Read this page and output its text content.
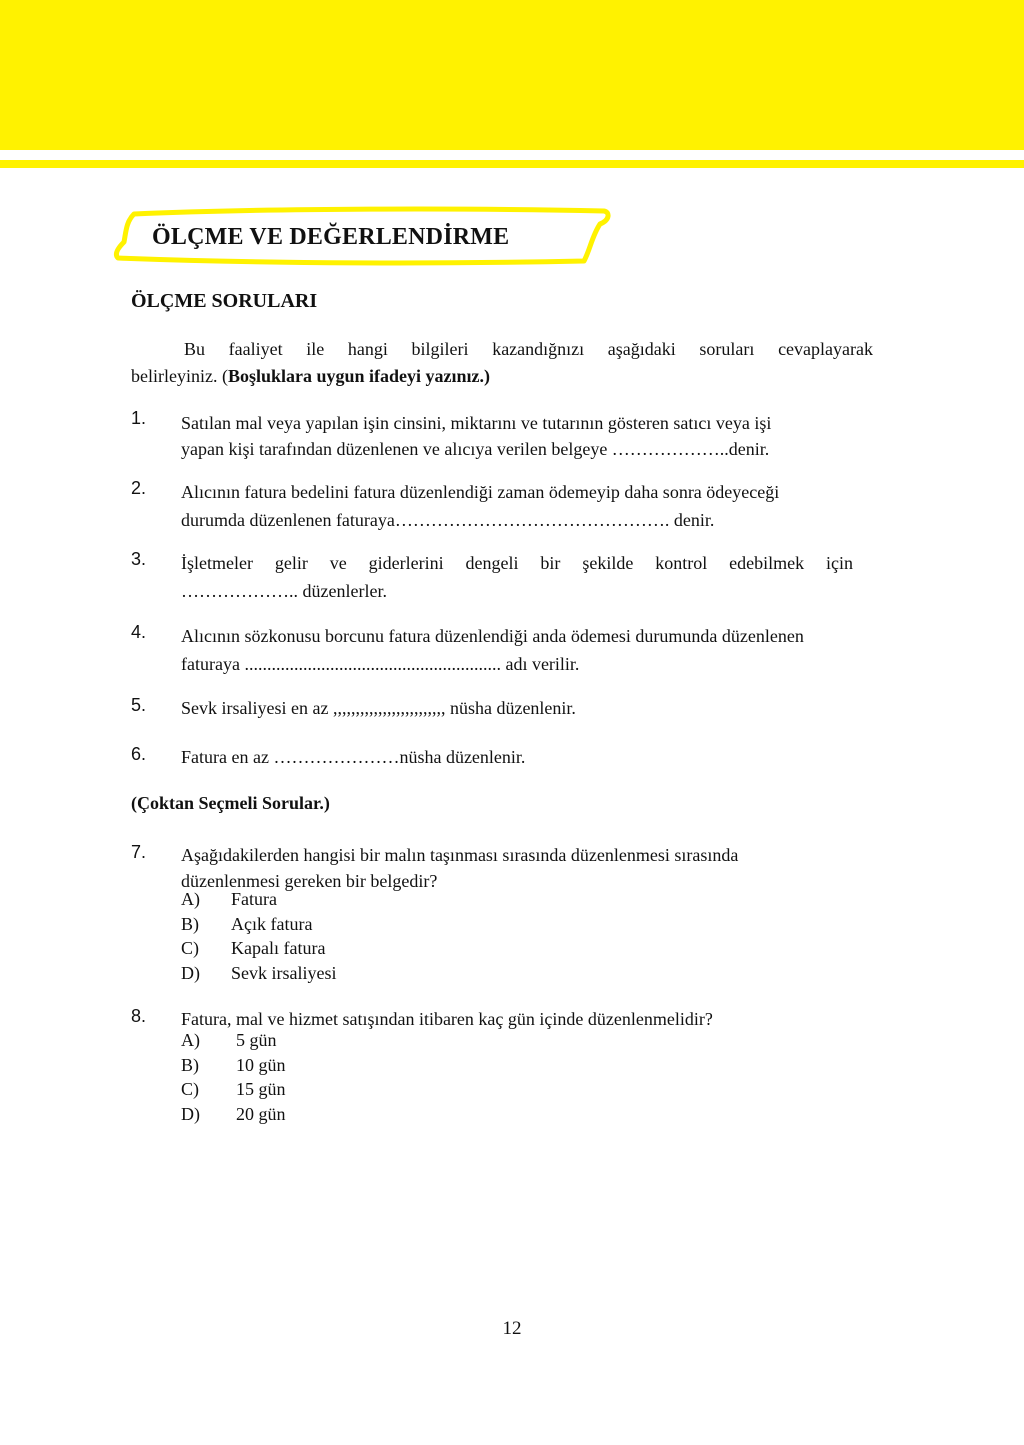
ÖLÇME VE DEĞERLENDİRME
ÖLÇME SORULARI
Bu faaliyet ile hangi bilgileri kazandığnızı aşağıdaki soruları cevaplayarak
belirleyiniz. (Boşluklara uygun ifadeyi yazınız.)
1. Satılan mal veya yapılan işin cinsini, miktarını ve tutarının gösteren satıcı veya işi
yapan kişi tarafından düzenlenen ve alıcıya verilen belgeye ………………..denir.
2. Alıcının fatura bedelini fatura düzenlendiği zaman ödemeyip daha sonra ödeyeceği
durumda düzenlenen faturaya………………………………………. denir.
3. İşletmeler gelir ve giderlerini dengeli bir şekilde kontrol edebilmek için
……………….. düzenlerler.
4. Alıcının sözkonusu borcunu fatura düzenlendiği anda ödemesi durumunda düzenlenen
faturaya ......................................................... adı verilir.
5. Sevk irsaliyesi en az ,,,,,,,,,,,,,,,,,,,,,,,,, nüsha düzenlenir.
6. Fatura en az …………………nüsha düzenlenir.
(Çoktan Seçmeli Sorular.)
7. Aşağıdakilerden hangisi bir malın taşınması sırasında düzenlenmesi sırasında
düzenlenmesi gereken bir belgedir?
A) Fatura
B) Açık fatura
C) Kapalı fatura
D) Sevk irsaliyesi
8. Fatura, mal ve hizmet satışından itibaren kaç gün içinde düzenlenmelidir?
A) 5 gün
B) 10 gün
C) 15 gün
D) 20 gün
12
